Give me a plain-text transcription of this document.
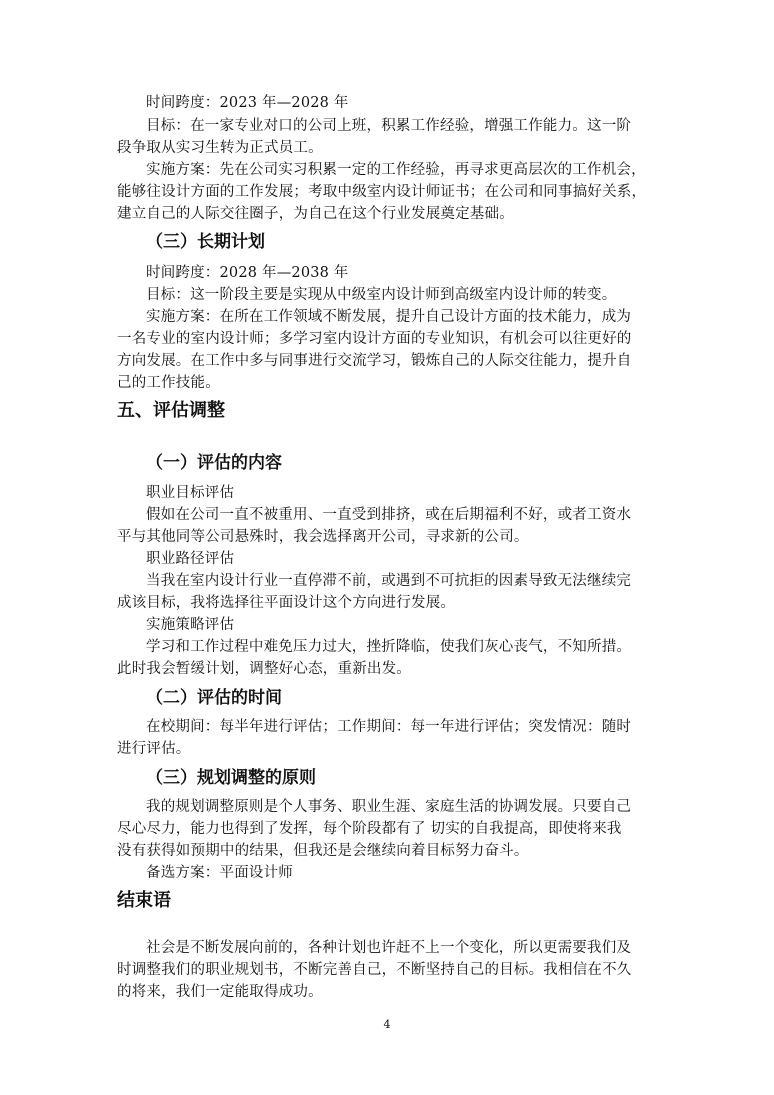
时间跨度：2023 年—2028 年
目标：在一家专业对口的公司上班，积累工作经验，增强工作能力。这一阶
段争取从实习生转为正式员工。
实施方案：先在公司实习积累一定的工作经验，再寻求更高层次的工作机会，
能够往设计方面的工作发展；考取中级室内设计师证书；在公司和同事搞好关系，
建立自己的人际交往圈子，为自己在这个行业发展奠定基础。
（三）长期计划
时间跨度：2028 年—2038 年
目标：这一阶段主要是实现从中级室内设计师到高级室内设计师的转变。
实施方案：在所在工作领域不断发展，提升自己设计方面的技术能力，成为
一名专业的室内设计师；多学习室内设计方面的专业知识，有机会可以往更好的
方向发展。在工作中多与同事进行交流学习，锻炼自己的人际交往能力，提升自
己的工作技能。
五、评估调整
（一）评估的内容
职业目标评估
假如在公司一直不被重用、一直受到排挤，或在后期福利不好，或者工资水
平与其他同等公司悬殊时，我会选择离开公司，寻求新的公司。
职业路径评估
当我在室内设计行业一直停滞不前，或遇到不可抗拒的因素导致无法继续完
成该目标，我将选择往平面设计这个方向进行发展。
实施策略评估
学习和工作过程中难免压力过大，挫折降临，使我们灰心丧气，不知所措。
此时我会暂缓计划，调整好心态，重新出发。
（二）评估的时间
在校期间：每半年进行评估；工作期间：每一年进行评估；突发情况：随时
进行评估。
（三）规划调整的原则
我的规划调整原则是个人事务、职业生涯、家庭生活的协调发展。只要自己
尽心尽力，能力也得到了发挥，每个阶段都有了 切实的自我提高，即使将来我
没有获得如预期中的结果，但我还是会继续向着目标努力奋斗。
备选方案：平面设计师
结束语
社会是不断发展向前的，各种计划也许赶不上一个变化，所以更需要我们及
时调整我们的职业规划书，不断完善自己，不断坚持自己的目标。我相信在不久
的将来，我们一定能取得成功。
4
